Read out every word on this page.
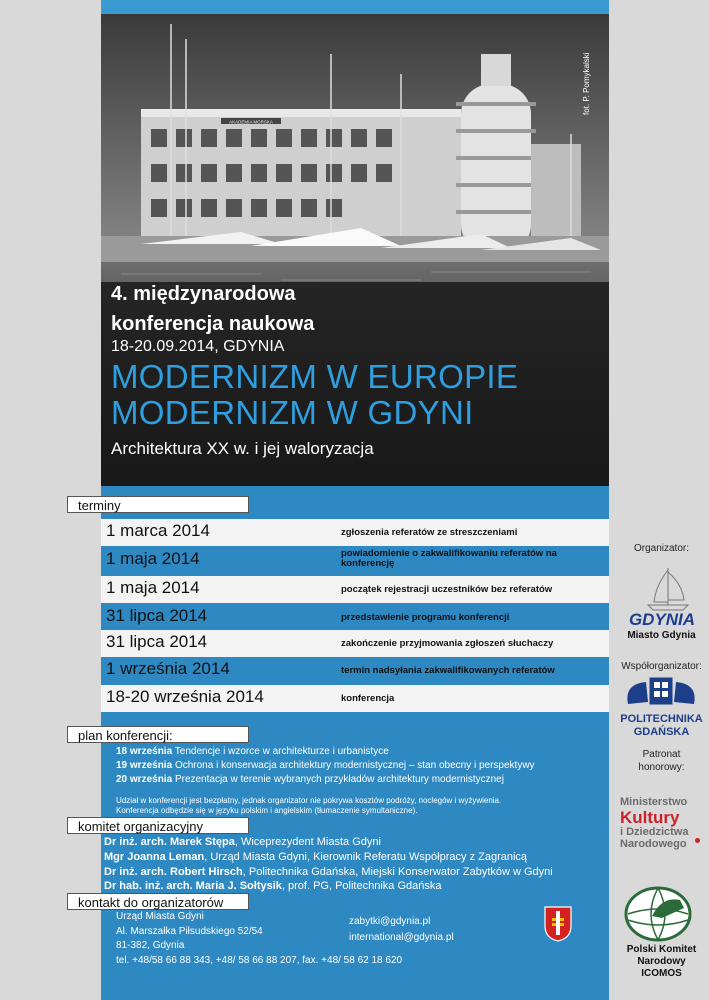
AKADEMIA MORSKA
fot. P. Pomykalski
4. międzynarodowa
konferencja naukowa
18-20.09.2014, GDYNIA
MODERNIZM W EUROPIE
MODERNIZM W GDYNI
Architektura XX w. i jej waloryzacja
terminy
1 marca 2014	zgłoszenia referatów ze streszczeniami
1 maja 2014	powiadomienie o zakwalifikowaniu referatów na konferencję
1 maja 2014	początek rejestracji uczestników bez referatów
31 lipca 2014	przedstawienie programu konferencji
31 lipca 2014	zakończenie przyjmowania zgłoszeń słuchaczy
1 września 2014	termin nadsyłania zakwalifikowanych referatów
18-20 września 2014	konferencja
plan konferencji:
18 września Tendencje i wzorce w architekturze i urbanistyce
19 września Ochrona i konserwacja architektury modernistycznej – stan obecny i perspektywy
20 września Prezentacja w terenie wybranych przykładów architektury modernistycznej
Udział w konferencji jest bezpłatny, jednak organizator nie pokrywa kosztów podróży, noclegów i wyżywienia.
Konferencja odbędzie się w języku polskim i angielskim (tłumaczenie symultaniczne).
komitet organizacyjny
Dr inż. arch. Marek Stępa, Wiceprezydent Miasta Gdyni
Mgr Joanna Leman, Urząd Miasta Gdyni, Kierownik Referatu Współpracy z Zagranicą
Dr inż. arch. Robert Hirsch, Politechnika Gdańska, Miejski Konserwator Zabytków w Gdyni
Dr hab. inż. arch. Maria J. Sołtysik, prof. PG, Politechnika Gdańska
kontakt do organizatorów
Urząd Miasta Gdyni
Al. Marszałka Piłsudskiego 52/54
81-382, Gdynia
tel. +48/58 66 88 343, +48/ 58 66 88 207, fax. +48/ 58 62 18 620
zabytki@gdynia.pl
international@gdynia.pl
Organizator:
GDYNIA
Miasto Gdynia
Współorganizator:
POLITECHNIKA
GDAŃSKA
Patronat
honorowy:
Ministerstwo
Kultury
i Dziedzictwa
Narodowego
Polski Komitet
Narodowy
ICOMOS
